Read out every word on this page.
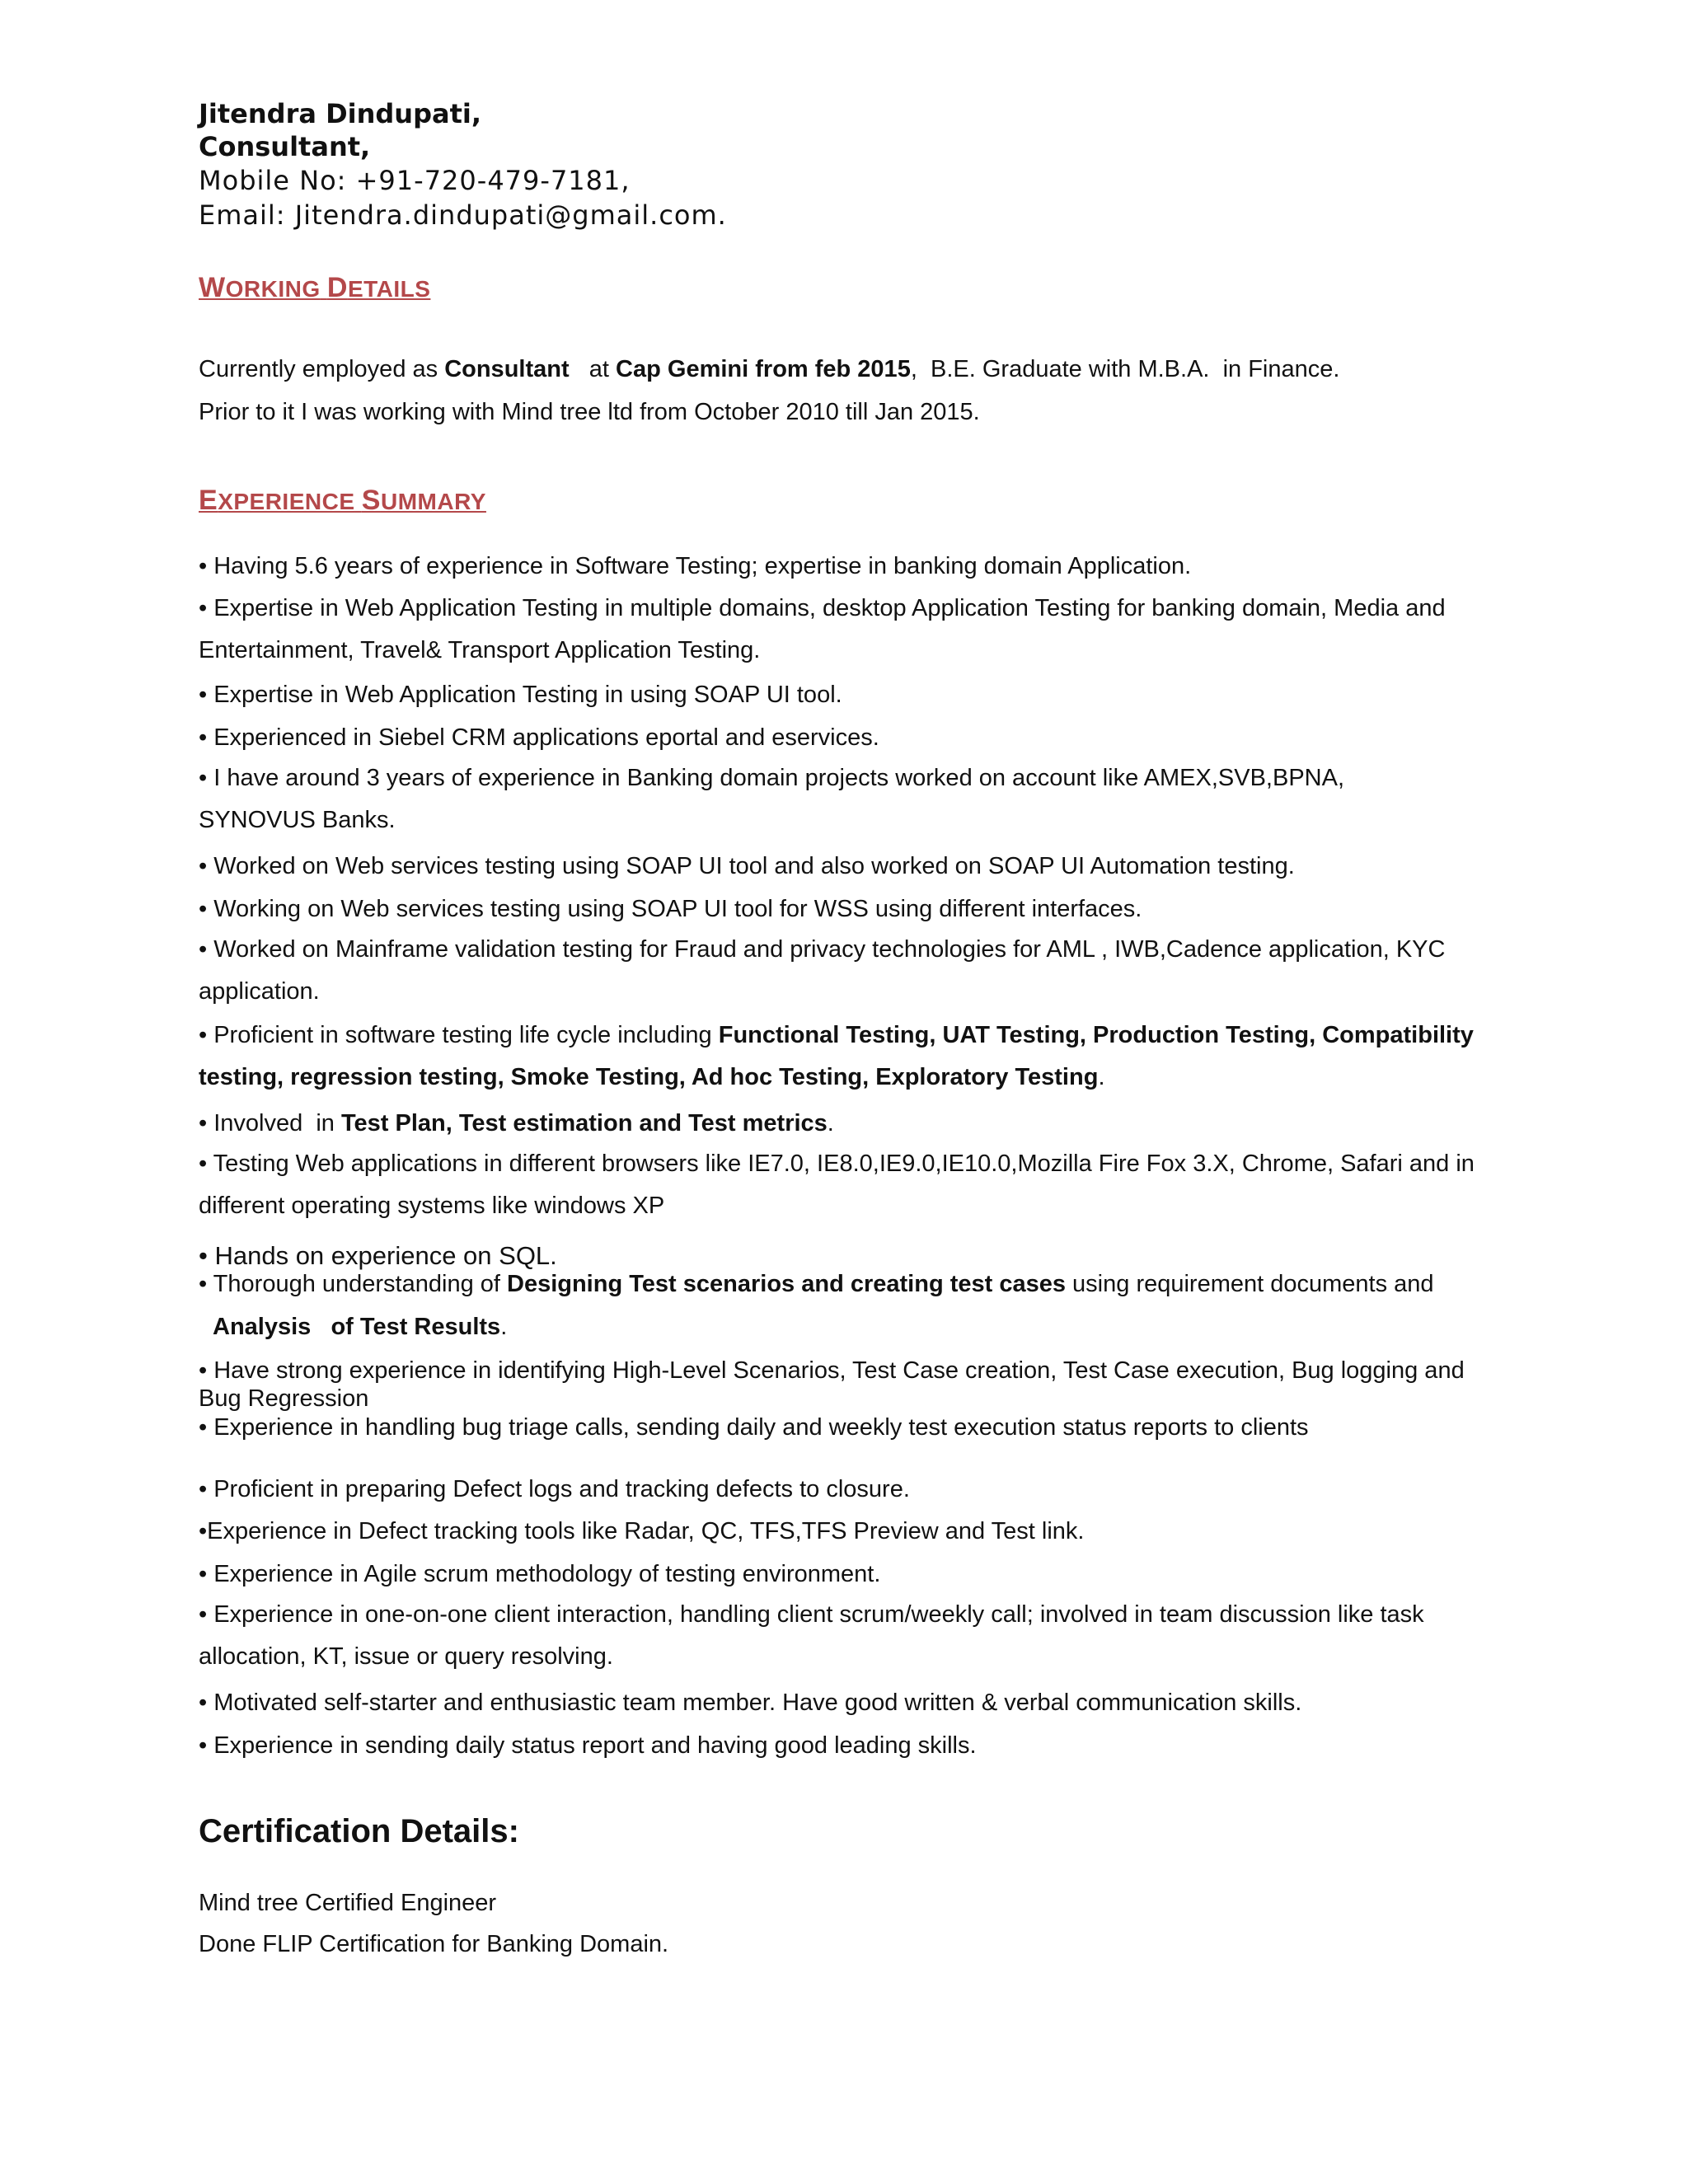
Jitendra Dindupati,

Consultant,

Mobile No: +91-720-479-7181,

Email: Jitendra.dindupati@gmail.com.

WORKING DETAILS

Currently employed as Consultant   at Cap Gemini from feb 2015,  B.E. Graduate with M.B.A.  in Finance.

Prior to it I was working with Mind tree ltd from October 2010 till Jan 2015.

EXPERIENCE SUMMARY

• Having 5.6 years of experience in Software Testing; expertise in banking domain Application.

• Expertise in Web Application Testing in multiple domains, desktop Application Testing for banking domain, Media and Entertainment, Travel& Transport Application Testing.

• Expertise in Web Application Testing in using SOAP UI tool.

• Experienced in Siebel CRM applications eportal and eservices.

• I have around 3 years of experience in Banking domain projects worked on account like AMEX,SVB,BPNA, SYNOVUS Banks.

• Worked on Web services testing using SOAP UI tool and also worked on SOAP UI Automation testing.

• Working on Web services testing using SOAP UI tool for WSS using different interfaces.

• Worked on Mainframe validation testing for Fraud and privacy technologies for AML , IWB,Cadence application, KYC application.

• Proficient in software testing life cycle including Functional Testing, UAT Testing, Production Testing, Compatibility testing, regression testing, Smoke Testing, Ad hoc Testing, Exploratory Testing.

• Involved  in Test Plan, Test estimation and Test metrics.

• Testing Web applications in different browsers like IE7.0, IE8.0,IE9.0,IE10.0,Mozilla Fire Fox 3.X, Chrome, Safari and in different operating systems like windows XP

• Hands on experience on SQL.

• Thorough understanding of Designing Test scenarios and creating test cases using requirement documents and

Analysis   of Test Results.

• Have strong experience in identifying High-Level Scenarios, Test Case creation, Test Case execution, Bug logging and Bug Regression

• Experience in handling bug triage calls, sending daily and weekly test execution status reports to clients

• Proficient in preparing Defect logs and tracking defects to closure.

•Experience in Defect tracking tools like Radar, QC, TFS,TFS Preview and Test link.

• Experience in Agile scrum methodology of testing environment.

• Experience in one-on-one client interaction, handling client scrum/weekly call; involved in team discussion like task allocation, KT, issue or query resolving.

• Motivated self-starter and enthusiastic team member. Have good written & verbal communication skills.

• Experience in sending daily status report and having good leading skills.

Certification Details:

Mind tree Certified Engineer

Done FLIP Certification for Banking Domain.
